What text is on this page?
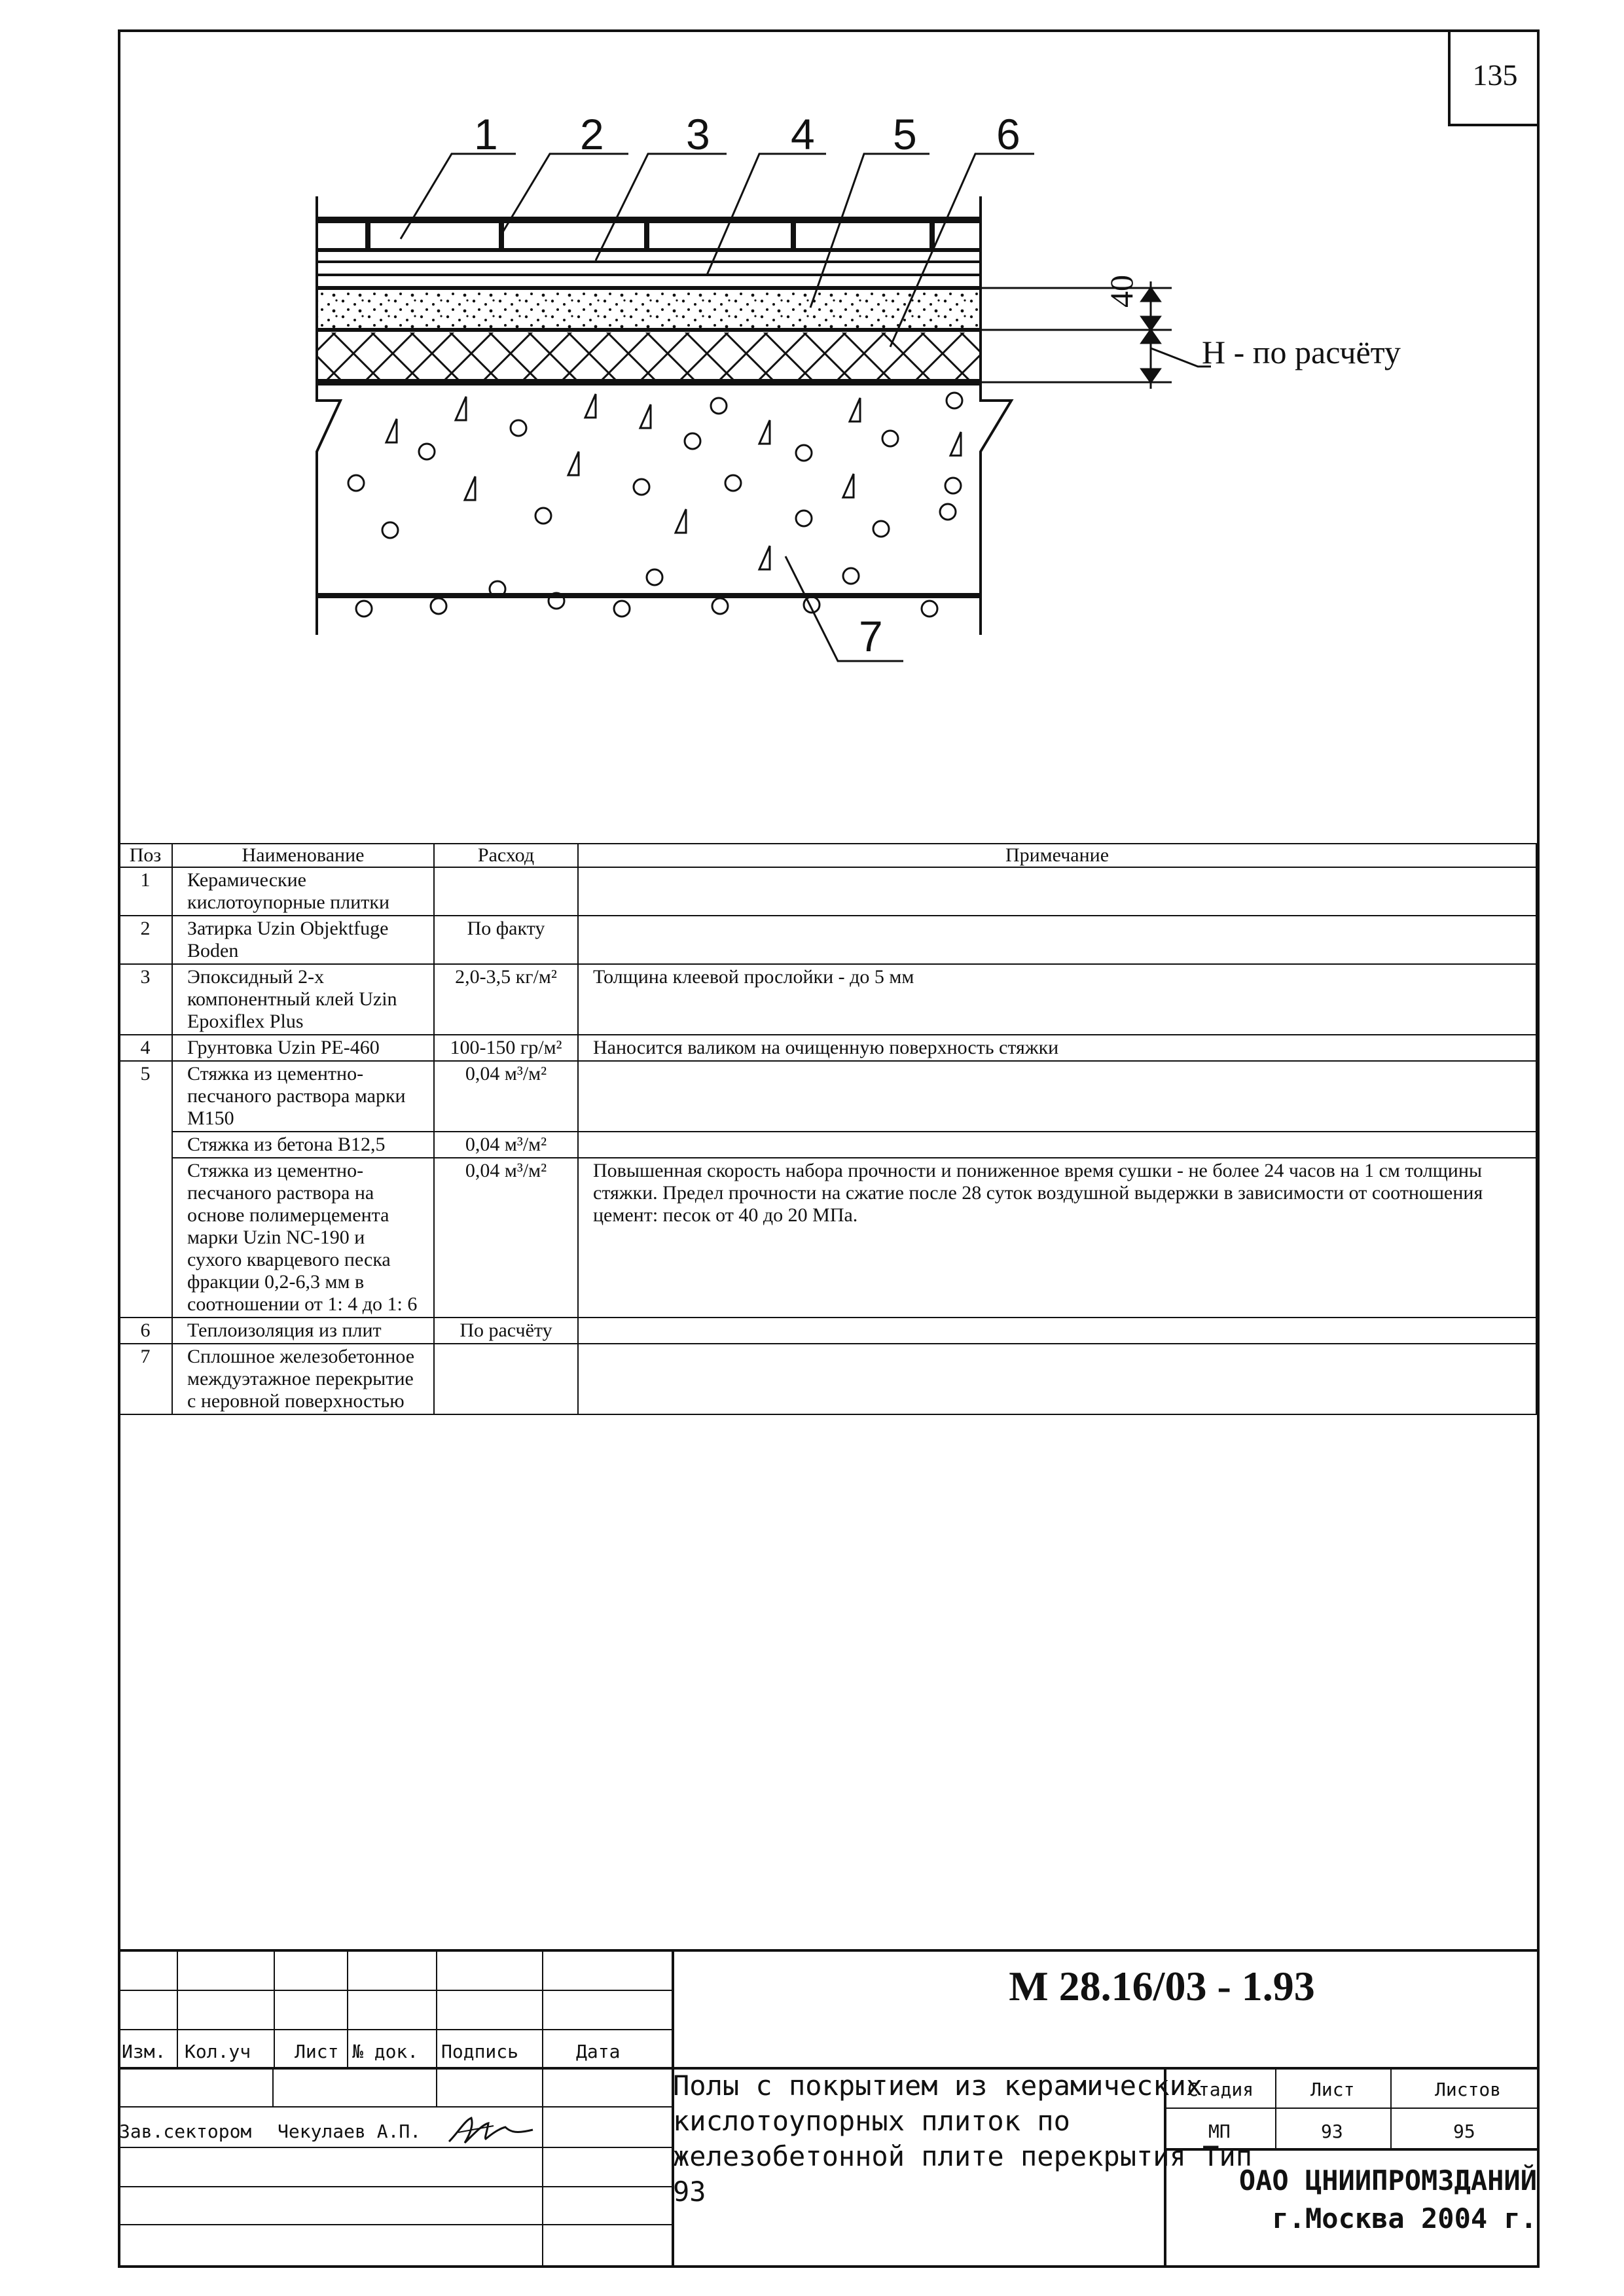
135
7
1 2 3 4 5 6
40
H - по расчёту
Поз	Наименование	Расход	Примечание
1	Керамические кислотоупорные плитки		
2	Затирка Uzin Objektfuge Boden	По факту	
3	Эпоксидный 2-х компонентный клей Uzin Epoxiflex Plus	2,0-3,5 кг/м²	Толщина клеевой прослойки - до 5 мм
4	Грунтовка Uzin PE-460	100-150 гр/м²	Наносится валиком на очищенную поверхность стяжки
5	Стяжка из цементно-песчаного раствора марки М150	0,04 м³/м²	
	Стяжка из бетона В12,5	0,04 м³/м²	
	Стяжка из цементно-песчаного раствора на основе полимерцемента марки Uzin NC-190 и сухого кварцевого песка фракции 0,2-6,3 мм в соотношении от 1: 4 до 1: 6	0,04 м³/м²	Повышенная скорость набора прочности и пониженное время сушки - не более 24 часов на 1 см толщины стяжки. Предел прочности на сжатие после 28 суток воздушной выдержки в зависимости от соотношения цемент: песок от 40 до 20 МПа.
6	Теплоизоляция из плит	По расчёту	
7	Сплошное железобетонное междуэтажное перекрытие с неровной поверхностью		
Изм. Кол.уч Лист № док. Подпись	Дата
Зав.сектором Чекулаев А.П.
М 28.16/03 - 1.93
Полы с покрытием из керамических кислотоупорных плиток по железобетонной плите перекрытия Тип 93
Стадия	Лист	Листов
МП	93	95
ОАО ЦНИИПРОМЗДАНИЙ
г.Москва 2004 г.
